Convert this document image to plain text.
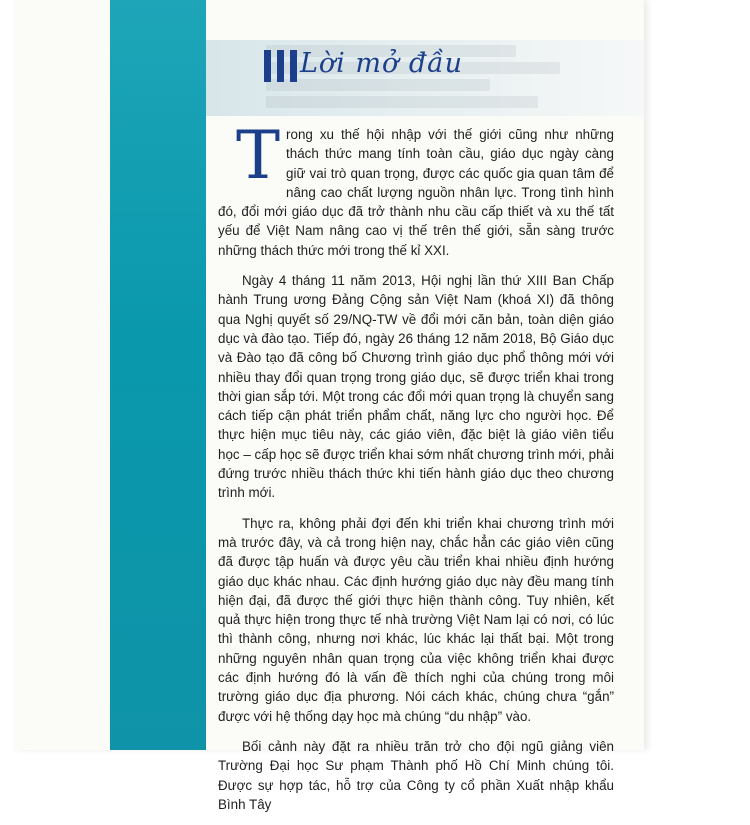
Lời mở đầu

Trong xu thế hội nhập với thế giới cũng như những thách thức mang tính toàn cầu, giáo dục ngày càng giữ vai trò quan trọng, được các quốc gia quan tâm để nâng cao chất lượng nguồn nhân lực. Trong tình hình đó, đổi mới giáo dục đã trở thành nhu cầu cấp thiết và xu thế tất yếu để Việt Nam nâng cao vị thế trên thế giới, sẵn sàng trước những thách thức mới trong thế kỉ XXI.

Ngày 4 tháng 11 năm 2013, Hội nghị lần thứ XIII Ban Chấp hành Trung ương Đảng Cộng sản Việt Nam (khoá XI) đã thông qua Nghị quyết số 29/NQ-TW về đổi mới căn bản, toàn diện giáo dục và đào tạo. Tiếp đó, ngày 26 tháng 12 năm 2018, Bộ Giáo dục và Đào tạo đã công bố Chương trình giáo dục phổ thông mới với nhiều thay đổi quan trọng trong giáo dục, sẽ được triển khai trong thời gian sắp tới. Một trong các đổi mới quan trọng là chuyển sang cách tiếp cận phát triển phẩm chất, năng lực cho người học. Để thực hiện mục tiêu này, các giáo viên, đặc biệt là giáo viên tiểu học – cấp học sẽ được triển khai sớm nhất chương trình mới, phải đứng trước nhiều thách thức khi tiến hành giáo dục theo chương trình mới.

Thực ra, không phải đợi đến khi triển khai chương trình mới mà trước đây, và cả trong hiện nay, chắc hẳn các giáo viên cũng đã được tập huấn và được yêu cầu triển khai nhiều định hướng giáo dục khác nhau. Các định hướng giáo dục này đều mang tính hiện đại, đã được thế giới thực hiện thành công. Tuy nhiên, kết quả thực hiện trong thực tế nhà trường Việt Nam lại có nơi, có lúc thì thành công, nhưng nơi khác, lúc khác lại thất bại. Một trong những nguyên nhân quan trọng của việc không triển khai được các định hướng đó là vấn đề thích nghi của chúng trong môi trường giáo dục địa phương. Nói cách khác, chúng chưa “gắn” được với hệ thống dạy học mà chúng “du nhập” vào.

Bối cảnh này đặt ra nhiều trăn trở cho đội ngũ giảng viên Trường Đại học Sư phạm Thành phố Hồ Chí Minh chúng tôi. Được sự hợp tác, hỗ trợ của Công ty cổ phần Xuất nhập khẩu Bình Tây
